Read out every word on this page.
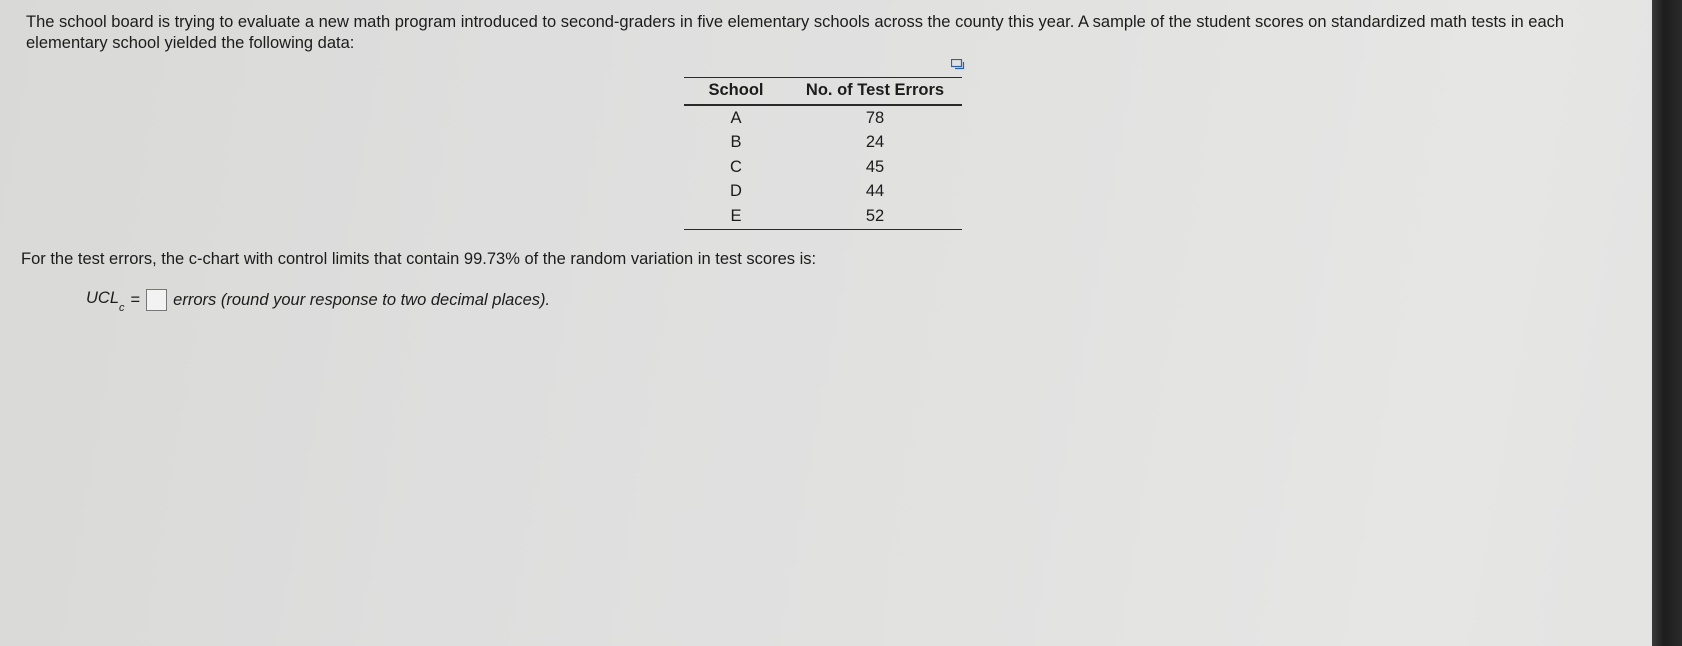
The school board is trying to evaluate a new math program introduced to second-graders in five elementary schools across the county this year. A sample of the student scores on standardized math tests in each elementary school yielded the following data:
School	No. of Test Errors
A	78
B	24
C	45
D	44
E	52
For the test errors, the c-chart with control limits that contain 99.73% of the random variation in test scores is:
$UCL_c$ = errors (round your response to two decimal places).
